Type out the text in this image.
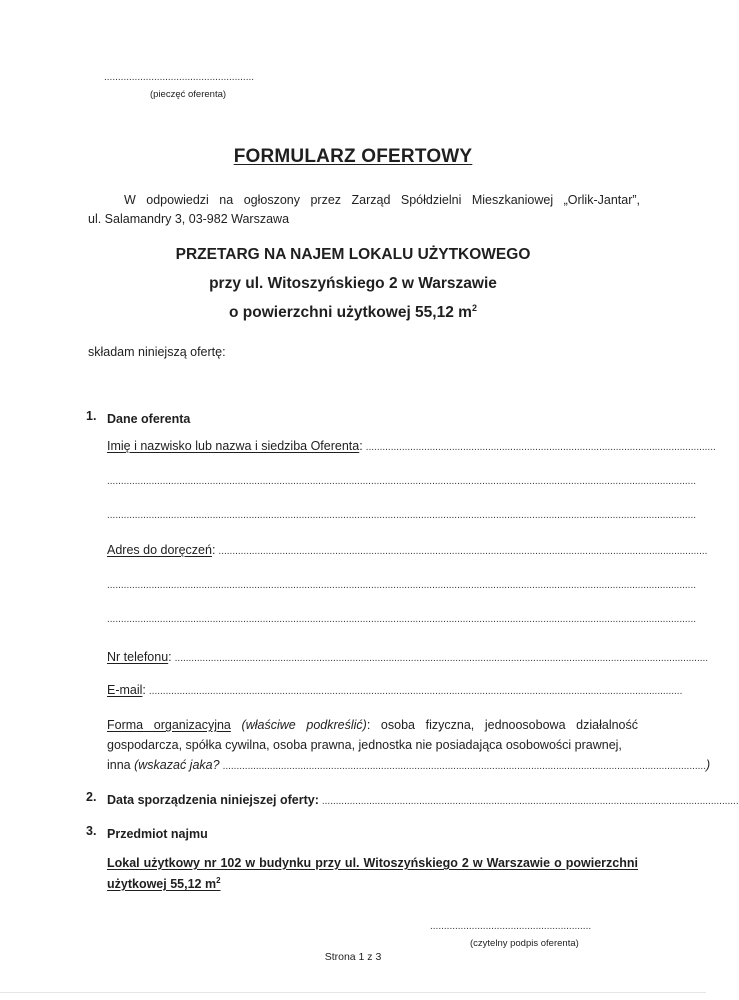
......................................................
(pieczęć oferenta)
FORMULARZ OFERTOWY
W odpowiedzi na ogłoszony przez Zarząd Spółdzielni Mieszkaniowej „Orlik-Jantar”,
ul. Salamandry 3, 03-982 Warszawa
PRZETARG NA NAJEM LOKALU UŻYTKOWEGO
przy ul. Witoszyńskiego 2 w Warszawie
o powierzchni użytkowej 55,12 $m^2$
składam niniejszą ofertę:
1. Dane oferenta
Imię i nazwisko lub nazwa i siedziba Oferenta: ..............................................................................................................................
....................................................................................................................................................................................................................
....................................................................................................................................................................................................................
Adres do doręczeń: ................................................................................................................................................................................
....................................................................................................................................................................................................................
....................................................................................................................................................................................................................
Nr telefonu: ................................................................................................................................................................................................
E-mail: ................................................................................................................................................................................................
Forma organizacyjna (właściwe podkreślić): osoba fizyczna, jednoosobowa działalność
gospodarcza, spółka cywilna, osoba prawna, jednostka nie posiadająca osobowości prawnej,
inna (wskazać jaka? .............................................................................................................................................................................. )
2. Data sporządzenia niniejszej oferty: ......................................................................................................................................................
3. Przedmiot najmu
Lokal użytkowy nr 102 w budynku przy ul. Witoszyńskiego 2 w Warszawie o powierzchni
użytkowej 55,12 $m^2$
..........................................................
(czytelny podpis oferenta)
Strona 1 z 3
